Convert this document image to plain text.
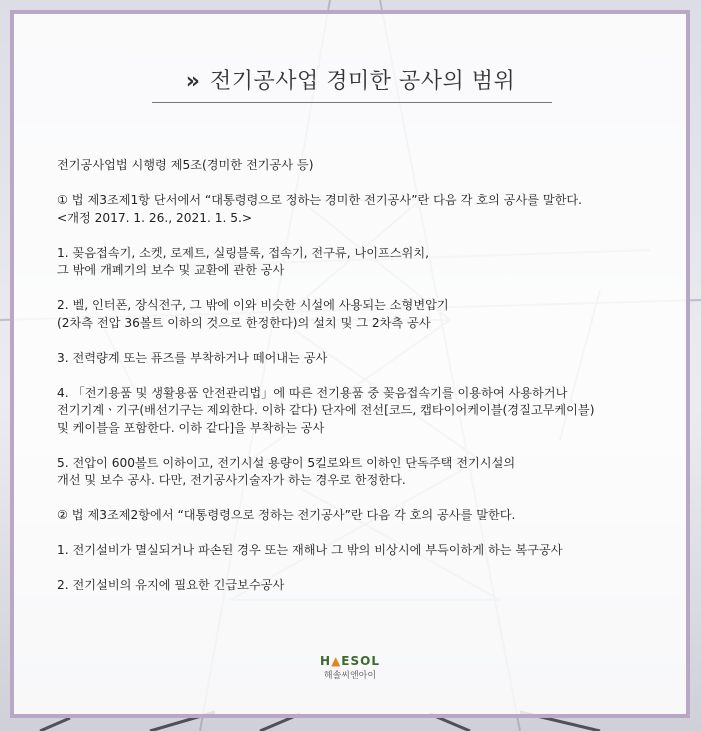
» 전기공사업 경미한 공사의 범위

전기공사업법 시행령 제5조(경미한 전기공사 등)

① 법 제3조제1항 단서에서 “대통령령으로 정하는 경미한 전기공사”란 다음 각 호의 공사를 말한다.

<개정 2017. 1. 26., 2021. 1. 5.>

1. 꽂음접속기, 소켓, 로제트, 실링블록, 접속기, 전구류, 나이프스위치,

그 밖에 개폐기의 보수 및 교환에 관한 공사

2. 벨, 인터폰, 장식전구, 그 밖에 이와 비슷한 시설에 사용되는 소형변압기

(2차측 전압 36볼트 이하의 것으로 한정한다)의 설치 및 그 2차측 공사

3. 전력량계 또는 퓨즈를 부착하거나 떼어내는 공사

4. 「전기용품 및 생활용품 안전관리법」에 따른 전기용품 중 꽂음접속기를 이용하여 사용하거나

전기기계ㆍ기구(배선기구는 제외한다. 이하 같다) 단자에 전선[코드, 캡타이어케이블(경질고무케이블)

및 케이블을 포함한다. 이하 같다]을 부착하는 공사

5. 전압이 600볼트 이하이고, 전기시설 용량이 5킬로와트 이하인 단독주택 전기시설의

개선 및 보수 공사. 다만, 전기공사기술자가 하는 경우로 한정한다.

② 법 제3조제2항에서 “대통령령으로 정하는 전기공사”란 다음 각 호의 공사를 말한다.

1. 전기설비가 멸실되거나 파손된 경우 또는 재해나 그 밖의 비상시에 부득이하게 하는 복구공사

2. 전기설비의 유지에 필요한 긴급보수공사

H▲ESOL
해솔씨앤아이
